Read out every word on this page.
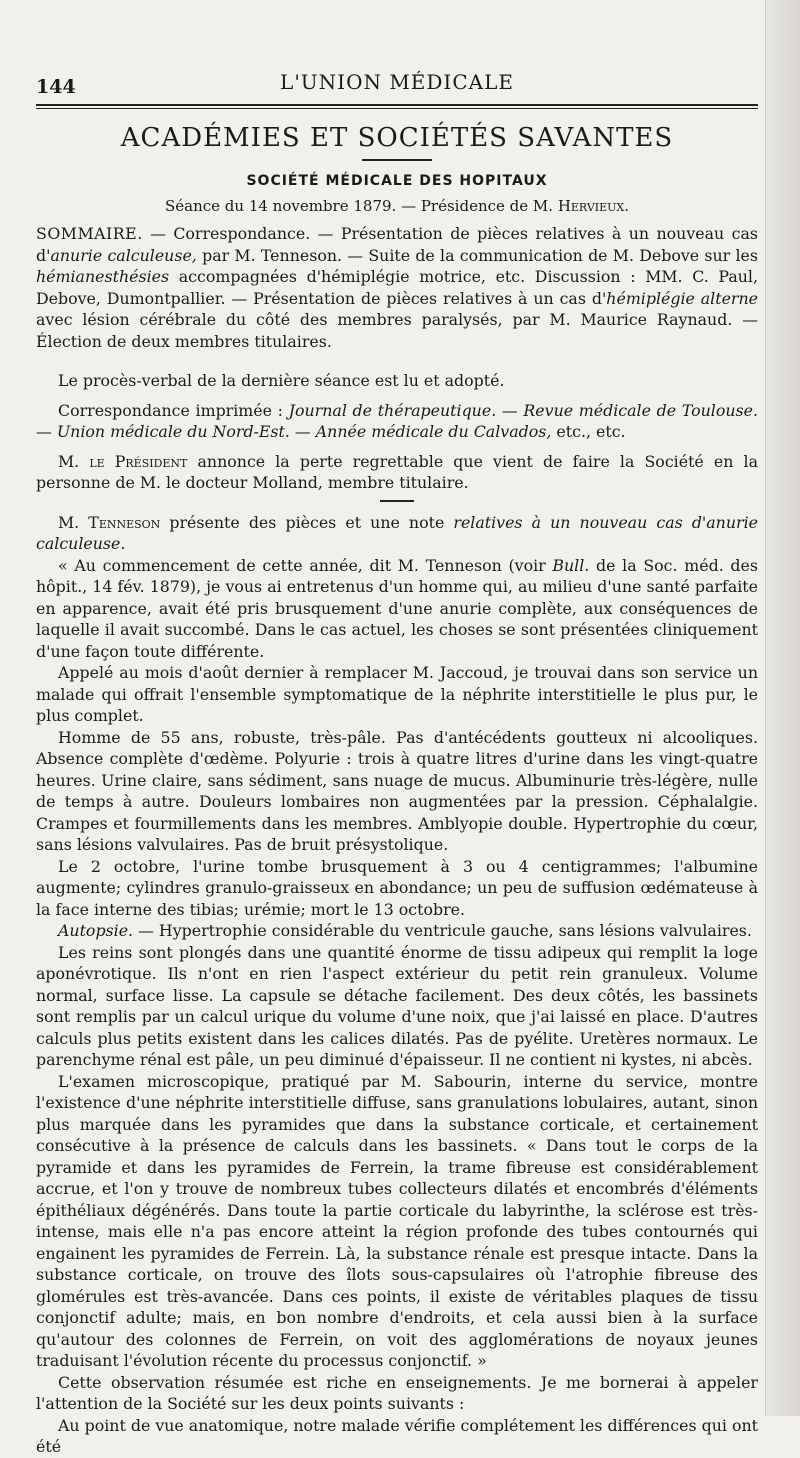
144	L'UNION MÉDICALE
ACADÉMIES ET SOCIÉTÉS SAVANTES
SOCIÉTÉ MÉDICALE DES HOPITAUX
Séance du 14 novembre 1879. — Présidence de M. Hervieux.

SOMMAIRE. — Correspondance. — Présentation de pièces relatives à un nouveau cas d'anurie calculeuse, par M. Tenneson. — Suite de la communication de M. Debove sur les hémianesthésies accompagnées d'hémiplégie motrice, etc. Discussion : MM. C. Paul, Debove, Dumontpallier. — Présentation de pièces relatives à un cas d'hémiplégie alterne avec lésion cérébrale du côté des membres paralysés, par M. Maurice Raynaud. — Élection de deux membres titulaires.

Le procès-verbal de la dernière séance est lu et adopté.

Correspondance imprimée : Journal de thérapeutique. — Revue médicale de Toulouse. — Union médicale du Nord-Est. — Année médicale du Calvados, etc., etc.

M. le Président annonce la perte regrettable que vient de faire la Société en la personne de M. le docteur Molland, membre titulaire.

M. Tenneson présente des pièces et une note relatives à un nouveau cas d'anurie calculeuse.

« Au commencement de cette année, dit M. Tenneson (voir Bull. de la Soc. méd. des hôpit., 14 fév. 1879), je vous ai entretenus d'un homme qui, au milieu d'une santé parfaite en apparence, avait été pris brusquement d'une anurie complète, aux conséquences de laquelle il avait succombé. Dans le cas actuel, les choses se sont présentées cliniquement d'une façon toute différente.

Appelé au mois d'août dernier à remplacer M. Jaccoud, je trouvai dans son service un malade qui offrait l'ensemble symptomatique de la néphrite interstitielle le plus pur, le plus complet.

Homme de 55 ans, robuste, très-pâle. Pas d'antécédents goutteux ni alcooliques. Absence complète d'œdème. Polyurie : trois à quatre litres d'urine dans les vingt-quatre heures. Urine claire, sans sédiment, sans nuage de mucus. Albuminurie très-légère, nulle de temps à autre. Douleurs lombaires non augmentées par la pression. Céphalalgie. Crampes et fourmillements dans les membres. Amblyopie double. Hypertrophie du cœur, sans lésions valvulaires. Pas de bruit présystolique.

Le 2 octobre, l'urine tombe brusquement à 3 ou 4 centigrammes; l'albumine augmente; cylindres granulo-graisseux en abondance; un peu de suffusion œdémateuse à la face interne des tibias; urémie; mort le 13 octobre.

Autopsie. — Hypertrophie considérable du ventricule gauche, sans lésions valvulaires.

Les reins sont plongés dans une quantité énorme de tissu adipeux qui remplit la loge aponévrotique. Ils n'ont en rien l'aspect extérieur du petit rein granuleux. Volume normal, surface lisse. La capsule se détache facilement. Des deux côtés, les bassinets sont remplis par un calcul urique du volume d'une noix, que j'ai laissé en place. D'autres calculs plus petits existent dans les calices dilatés. Pas de pyélite. Uretères normaux. Le parenchyme rénal est pâle, un peu diminué d'épaisseur. Il ne contient ni kystes, ni abcès.

L'examen microscopique, pratiqué par M. Sabourin, interne du service, montre l'existence d'une néphrite interstitielle diffuse, sans granulations lobulaires, autant, sinon plus marquée dans les pyramides que dans la substance corticale, et certainement consécutive à la présence de calculs dans les bassinets. « Dans tout le corps de la pyramide et dans les pyramides de Ferrein, la trame fibreuse est considérablement accrue, et l'on y trouve de nombreux tubes collecteurs dilatés et encombrés d'éléments épithéliaux dégénérés. Dans toute la partie corticale du labyrinthe, la sclérose est très-intense, mais elle n'a pas encore atteint la région profonde des tubes contournés qui engainent les pyramides de Ferrein. Là, la substance rénale est presque intacte. Dans la substance corticale, on trouve des îlots sous-capsulaires où l'atrophie fibreuse des glomérules est très-avancée. Dans ces points, il existe de véritables plaques de tissu conjonctif adulte; mais, en bon nombre d'endroits, et cela aussi bien à la surface qu'autour des colonnes de Ferrein, on voit des agglomérations de noyaux jeunes traduisant l'évolution récente du processus conjonctif. »

Cette observation résumée est riche en enseignements. Je me bornerai à appeler l'attention de la Société sur les deux points suivants :

Au point de vue anatomique, notre malade vérifie complétement les différences qui ont été
